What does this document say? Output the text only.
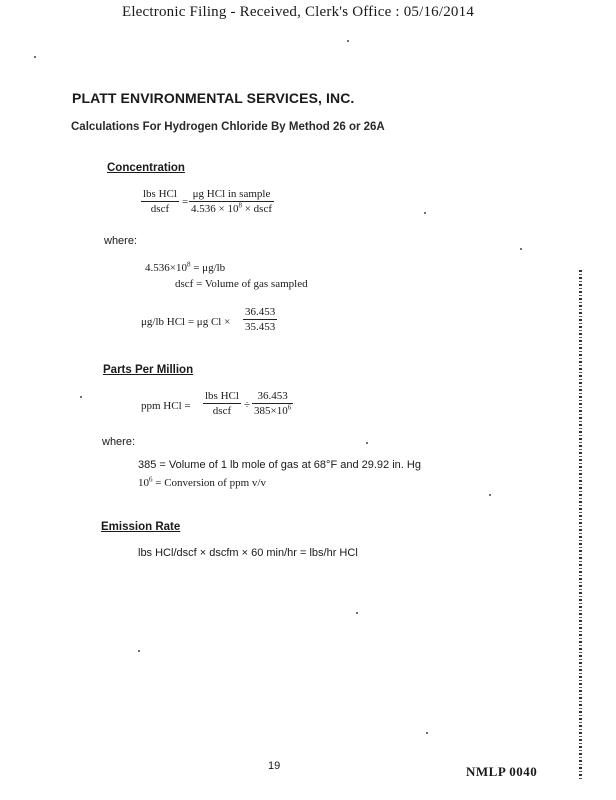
Electronic Filing - Received, Clerk's Office : 05/16/2014
PLATT ENVIRONMENTAL SERVICES, INC.
Calculations For Hydrogen Chloride By Method 26 or 26A
Concentration
lbs HCl
dscf
=
μg HCl in sample
$4.536 \times 10^8$ × dscf
where:
$4.536\times 10^8 = \mu g/lb$
dscf = Volume of gas sampled
μg/lb HCl = μg Cl ×
36.453
35.453
Parts Per Million
ppm HCl =
lbs HCl
dscf	÷
36.453
$385\times 10^6$
where:
385 = Volume of 1 lb mole of gas at 68°F and 29.92 in. Hg
$10^6$ = Conversion of ppm v/v
Emission Rate
lbs HCl/dscf × dscfm × 60 min/hr = lbs/hr HCl
19	NMLP 0040
